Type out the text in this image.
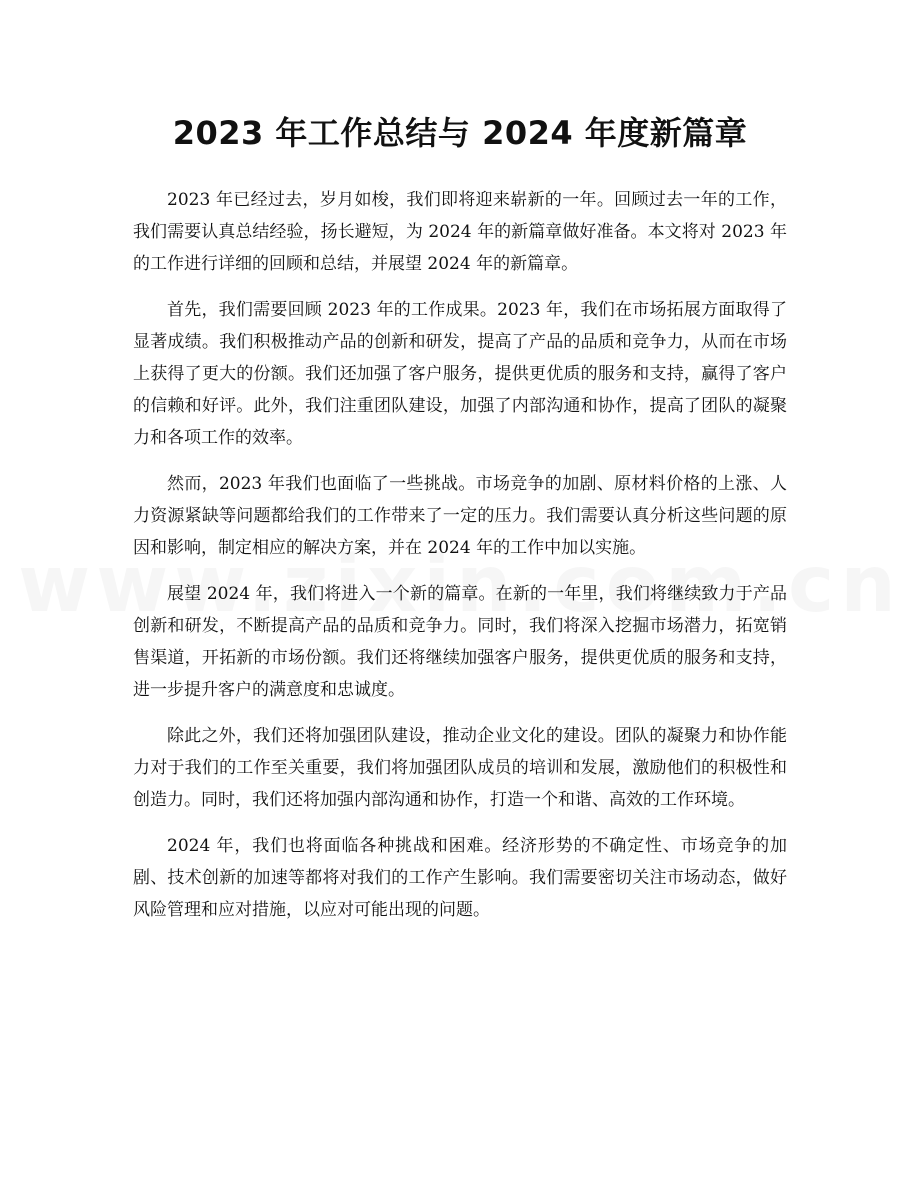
2023 年工作总结与 2024 年度新篇章

2023 年已经过去，岁月如梭，我们即将迎来崭新的一年。回顾过去一年的工作，我们需要认真总结经验，扬长避短，为 2024 年的新篇章做好准备。本文将对 2023 年的工作进行详细的回顾和总结，并展望 2024 年的新篇章。

首先，我们需要回顾 2023 年的工作成果。2023 年，我们在市场拓展方面取得了显著成绩。我们积极推动产品的创新和研发，提高了产品的品质和竞争力，从而在市场上获得了更大的份额。我们还加强了客户服务，提供更优质的服务和支持，赢得了客户的信赖和好评。此外，我们注重团队建设，加强了内部沟通和协作，提高了团队的凝聚力和各项工作的效率。

然而，2023 年我们也面临了一些挑战。市场竞争的加剧、原材料价格的上涨、人力资源紧缺等问题都给我们的工作带来了一定的压力。我们需要认真分析这些问题的原因和影响，制定相应的解决方案，并在 2024 年的工作中加以实施。

展望 2024 年，我们将进入一个新的篇章。在新的一年里，我们将继续致力于产品创新和研发，不断提高产品的品质和竞争力。同时，我们将深入挖掘市场潜力，拓宽销售渠道，开拓新的市场份额。我们还将继续加强客户服务，提供更优质的服务和支持，进一步提升客户的满意度和忠诚度。

除此之外，我们还将加强团队建设，推动企业文化的建设。团队的凝聚力和协作能力对于我们的工作至关重要，我们将加强团队成员的培训和发展，激励他们的积极性和创造力。同时，我们还将加强内部沟通和协作，打造一个和谐、高效的工作环境。

2024 年，我们也将面临各种挑战和困难。经济形势的不确定性、市场竞争的加剧、技术创新的加速等都将对我们的工作产生影响。我们需要密切关注市场动态，做好风险管理和应对措施，以应对可能出现的问题。
